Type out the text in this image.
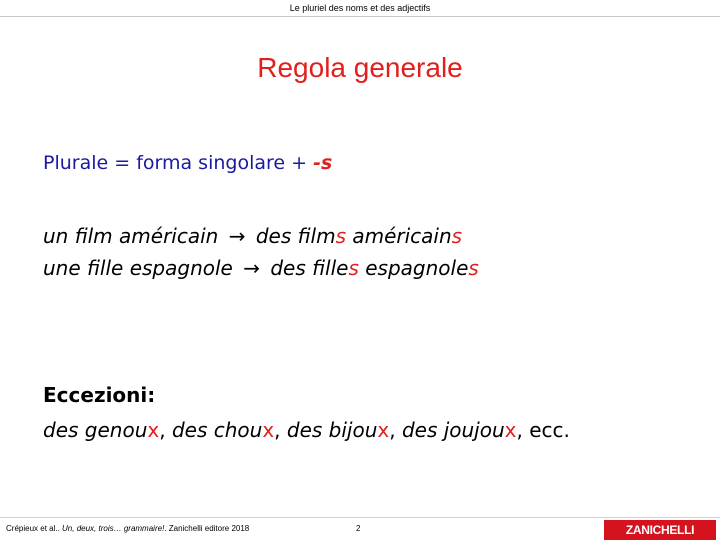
Le pluriel des noms et des adjectifs
Regola generale
Plurale = forma singolare + -s
un film américain → des films américains
une fille espagnole → des filles espagnoles
Eccezioni:
des genoux, des choux, des bijoux, des joujoux, ecc.
Crépieux et al.. Un, deux, trois… grammaire!. Zanichelli editore 2018	2	ZANICHELLI
